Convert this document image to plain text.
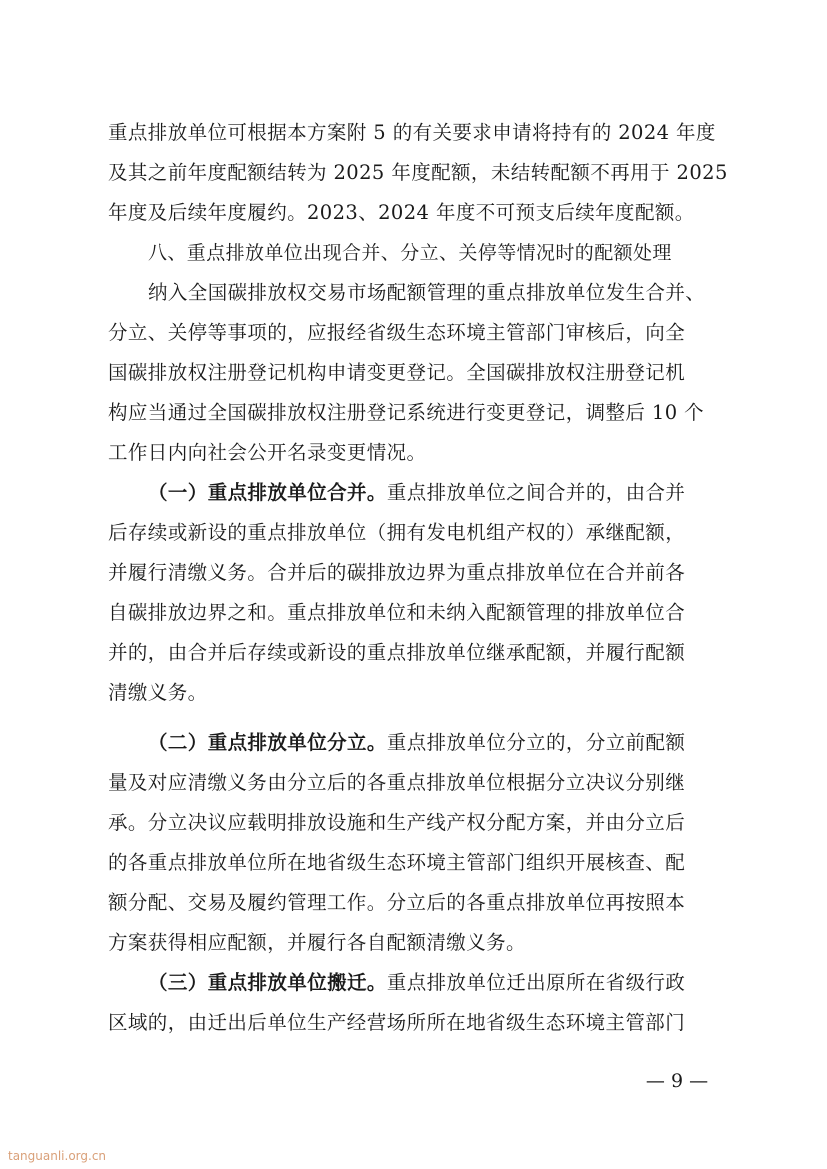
重点排放单位可根据本方案附 5 的有关要求申请将持有的 2024 年度
及其之前年度配额结转为 2025 年度配额，未结转配额不再用于 2025
年度及后续年度履约。2023、2024 年度不可预支后续年度配额。
八、重点排放单位出现合并、分立、关停等情况时的配额处理
纳入全国碳排放权交易市场配额管理的重点排放单位发生合并、
分立、关停等事项的，应报经省级生态环境主管部门审核后，向全
国碳排放权注册登记机构申请变更登记。全国碳排放权注册登记机
构应当通过全国碳排放权注册登记系统进行变更登记，调整后 10 个
工作日内向社会公开名录变更情况。
（一）重点排放单位合并。重点排放单位之间合并的，由合并
后存续或新设的重点排放单位（拥有发电机组产权的）承继配额，
并履行清缴义务。合并后的碳排放边界为重点排放单位在合并前各
自碳排放边界之和。重点排放单位和未纳入配额管理的排放单位合
并的，由合并后存续或新设的重点排放单位继承配额，并履行配额
清缴义务。
（二）重点排放单位分立。重点排放单位分立的，分立前配额
量及对应清缴义务由分立后的各重点排放单位根据分立决议分别继
承。分立决议应载明排放设施和生产线产权分配方案，并由分立后
的各重点排放单位所在地省级生态环境主管部门组织开展核查、配
额分配、交易及履约管理工作。分立后的各重点排放单位再按照本
方案获得相应配额，并履行各自配额清缴义务。
（三）重点排放单位搬迁。重点排放单位迁出原所在省级行政
区域的，由迁出后单位生产经营场所所在地省级生态环境主管部门
— 9 —
tanguanli.org.cn
